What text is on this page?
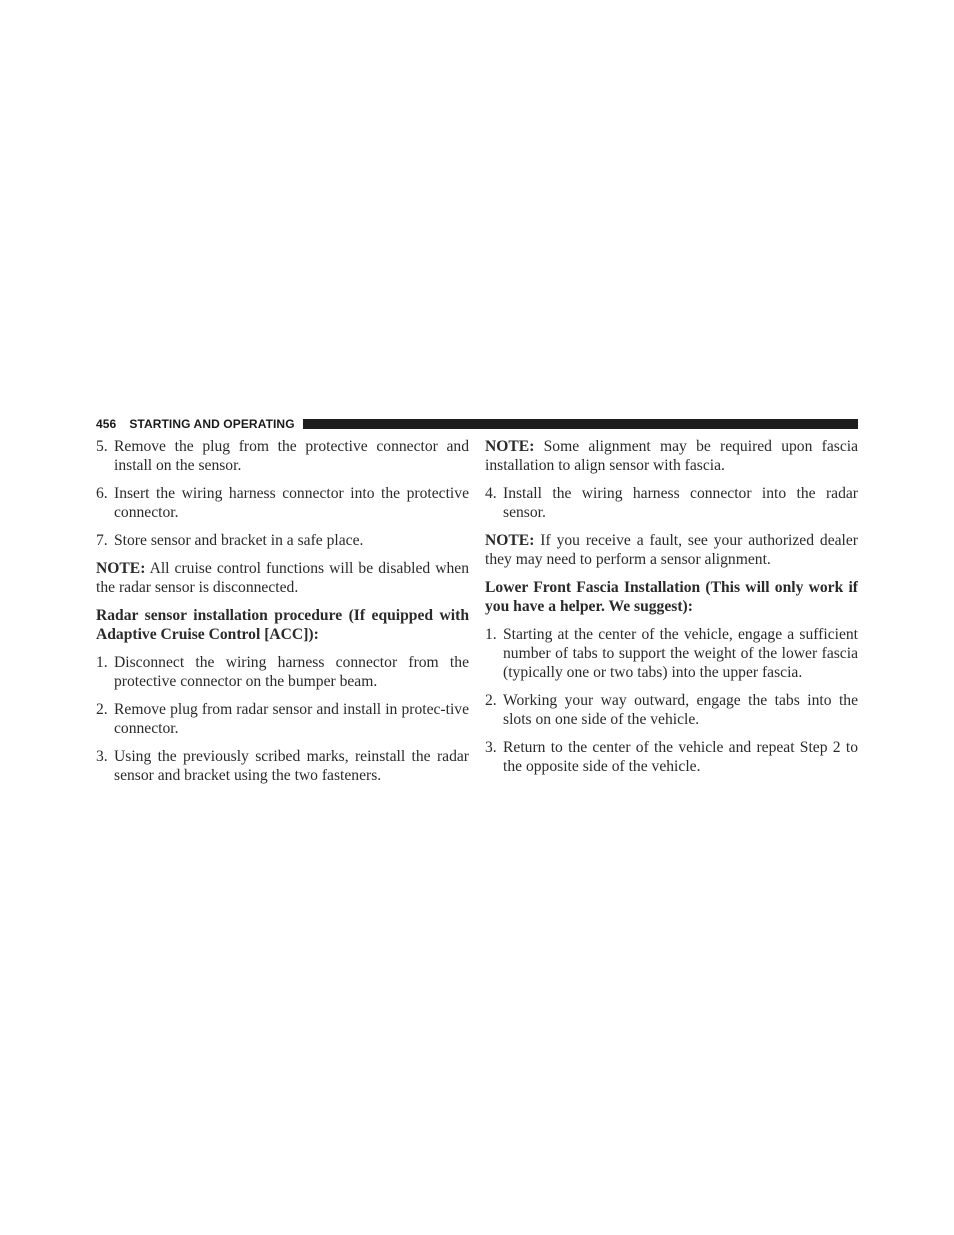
456 STARTING AND OPERATING
5. Remove the plug from the protective connector and install on the sensor.
6. Insert the wiring harness connector into the protective connector.
7. Store sensor and bracket in a safe place.

NOTE: All cruise control functions will be disabled when the radar sensor is disconnected.

Radar sensor installation procedure (If equipped with Adaptive Cruise Control [ACC]):

1. Disconnect the wiring harness connector from the protective connector on the bumper beam.
2. Remove plug from radar sensor and install in protec-tive connector.
3. Using the previously scribed marks, reinstall the radar sensor and bracket using the two fasteners.

NOTE: Some alignment may be required upon fascia installation to align sensor with fascia.

4. Install the wiring harness connector into the radar sensor.

NOTE: If you receive a fault, see your authorized dealer they may need to perform a sensor alignment.

Lower Front Fascia Installation (This will only work if you have a helper. We suggest):

1. Starting at the center of the vehicle, engage a sufficient number of tabs to support the weight of the lower fascia (typically one or two tabs) into the upper fascia.
2. Working your way outward, engage the tabs into the slots on one side of the vehicle.
3. Return to the center of the vehicle and repeat Step 2 to the opposite side of the vehicle.
